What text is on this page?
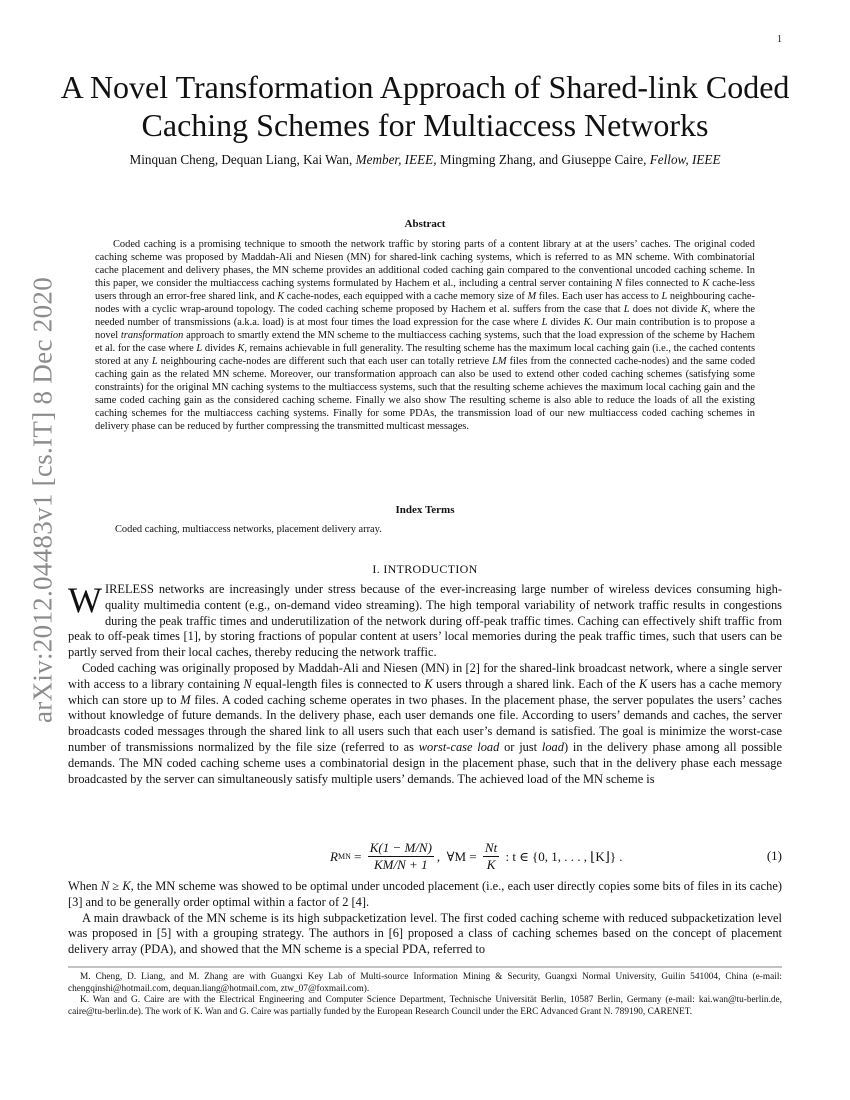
1
arXiv:2012.04483v1 [cs.IT] 8 Dec 2020
A Novel Transformation Approach of Shared-link Coded Caching Schemes for Multiaccess Networks
Minquan Cheng, Dequan Liang, Kai Wan, Member, IEEE, Mingming Zhang, and Giuseppe Caire, Fellow, IEEE
Abstract
Coded caching is a promising technique to smooth the network traffic by storing parts of a content library at at the users’ caches. The original coded caching scheme was proposed by Maddah-Ali and Niesen (MN) for shared-link caching systems, which is referred to as MN scheme. With combinatorial cache placement and delivery phases, the MN scheme provides an additional coded caching gain compared to the conventional uncoded caching scheme. In this paper, we consider the multiaccess caching systems formulated by Hachem et al., including a central server containing N files connected to K cache-less users through an error-free shared link, and K cache-nodes, each equipped with a cache memory size of M files. Each user has access to L neighbouring cache-nodes with a cyclic wrap-around topology. The coded caching scheme proposed by Hachem et al. suffers from the case that L does not divide K, where the needed number of transmissions (a.k.a. load) is at most four times the load expression for the case where L divides K. Our main contribution is to propose a novel transformation approach to smartly extend the MN scheme to the multiaccess caching systems, such that the load expression of the scheme by Hachem et al. for the case where L divides K, remains achievable in full generality. The resulting scheme has the maximum local caching gain (i.e., the cached contents stored at any L neighbouring cache-nodes are different such that each user can totally retrieve LM files from the connected cache-nodes) and the same coded caching gain as the related MN scheme. Moreover, our transformation approach can also be used to extend other coded caching schemes (satisfying some constraints) for the original MN caching systems to the multiaccess systems, such that the resulting scheme achieves the maximum local caching gain and the same coded caching gain as the considered caching scheme. Finally we also show The resulting scheme is also able to reduce the loads of all the existing caching schemes for the multiaccess caching systems. Finally for some PDAs, the transmission load of our new multiaccess coded caching schemes in delivery phase can be reduced by further compressing the transmitted multicast messages.
Index Terms
Coded caching, multiaccess networks, placement delivery array.
I. INTRODUCTION

WIRELESS networks are increasingly under stress because of the ever-increasing large number of wireless devices consuming high-quality multimedia content (e.g., on-demand video streaming). The high temporal variability of network traffic results in congestions during the peak traffic times and underutilization of the network during off-peak traffic times. Caching can effectively shift traffic from peak to off-peak times [1], by storing fractions of popular content at users’ local memories during the peak traffic times, such that users can be partly served from their local caches, thereby reducing the network traffic.

Coded caching was originally proposed by Maddah-Ali and Niesen (MN) in [2] for the shared-link broadcast network, where a single server with access to a library containing N equal-length files is connected to K users through a shared link. Each of the K users has a cache memory which can store up to M files. A coded caching scheme operates in two phases. In the placement phase, the server populates the users’ caches without knowledge of future demands. In the delivery phase, each user demands one file. According to users’ demands and caches, the server broadcasts coded messages through the shared link to all users such that each user’s demand is satisfied. The goal is minimize the worst-case number of transmissions normalized by the file size (referred to as worst-case load or just load) in the delivery phase among all possible demands. The MN coded caching scheme uses a combinatorial design in the placement phase, such that in the delivery phase each message broadcasted by the server can simultaneously satisfy multiple users’ demands. The achieved load of the MN scheme is

R MN = $\frac{K(1 - M/N)}{KM/N + 1}$ ,  ∀M = $\frac{Nt}{K}$ : t ∈ {0, 1, . . . , ⌊K⌋} .	(1)

When N ≥ K, the MN scheme was showed to be optimal under uncoded placement (i.e., each user directly copies some bits of files in its cache) [3] and to be generally order optimal within a factor of 2 [4].

A main drawback of the MN scheme is its high subpacketization level. The first coded caching scheme with reduced subpacketization level was proposed in [5] with a grouping strategy. The authors in [6] proposed a class of caching schemes based on the concept of placement delivery array (PDA), and showed that the MN scheme is a special PDA, referred to

M. Cheng, D. Liang, and M. Zhang are with Guangxi Key Lab of Multi-source Information Mining & Security, Guangxi Normal University, Guilin 541004, China (e-mail: chengqinshi@hotmail.com, dequan.liang@hotmail.com, ztw_07@foxmail.com).

K. Wan and G. Caire are with the Electrical Engineering and Computer Science Department, Technische Universität Berlin, 10587 Berlin, Germany (e-mail: kai.wan@tu-berlin.de, caire@tu-berlin.de). The work of K. Wan and G. Caire was partially funded by the European Research Council under the ERC Advanced Grant N. 789190, CARENET.
